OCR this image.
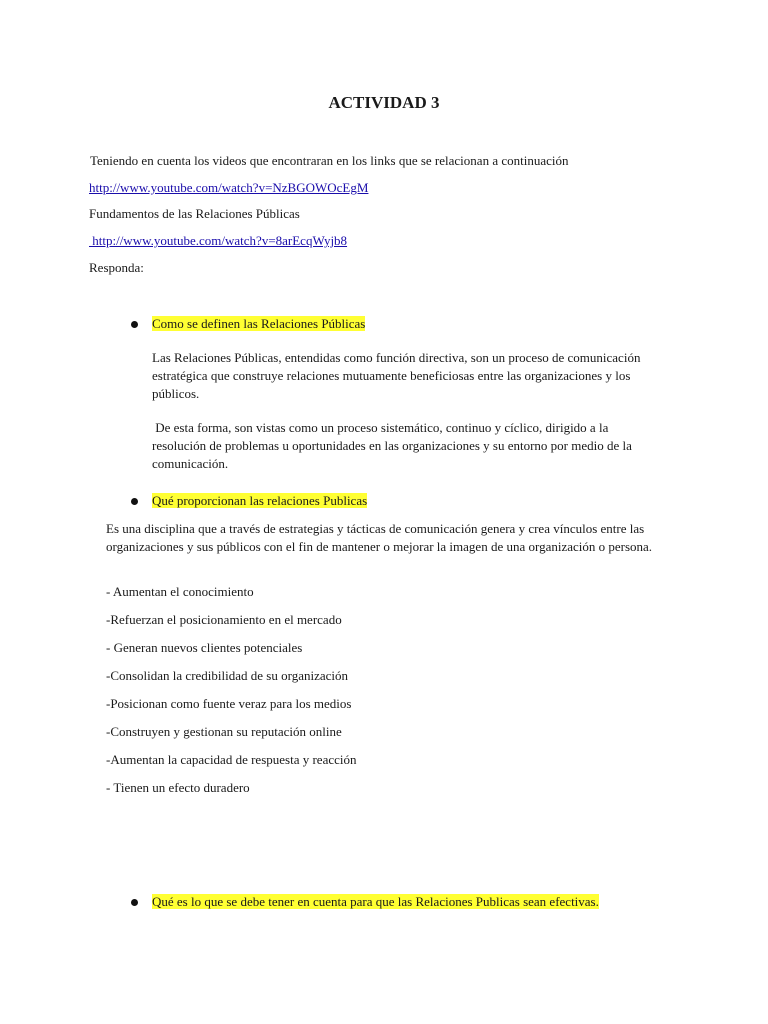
ACTIVIDAD 3

Teniendo en cuenta los videos que encontraran en los links que se relacionan a continuación

http://www.youtube.com/watch?v=NzBGOWOcEgM

Fundamentos de las Relaciones Públicas

http://www.youtube.com/watch?v=8arEcqWyjb8

Responda:

Como se definen las Relaciones Públicas

Las Relaciones Públicas, entendidas como función directiva, son un proceso de comunicación estratégica que construye relaciones mutuamente beneficiosas entre las organizaciones y los públicos.

De esta forma, son vistas como un proceso sistemático, continuo y cíclico, dirigido a la resolución de problemas u oportunidades en las organizaciones y su entorno por medio de la comunicación.

Qué proporcionan las relaciones Publicas

Es una disciplina que a través de estrategias y tácticas de comunicación genera y crea vínculos entre las organizaciones y sus públicos con el fin de mantener o mejorar la imagen de una organización o persona.

- Aumentan el conocimiento

-Refuerzan el posicionamiento en el mercado

- Generan nuevos clientes potenciales

-Consolidan la credibilidad de su organización

-Posicionan como fuente veraz para los medios

-Construyen y gestionan su reputación online

-Aumentan la capacidad de respuesta y reacción

- Tienen un efecto duradero

Qué es lo que se debe tener en cuenta para que las Relaciones Publicas sean efectivas.
